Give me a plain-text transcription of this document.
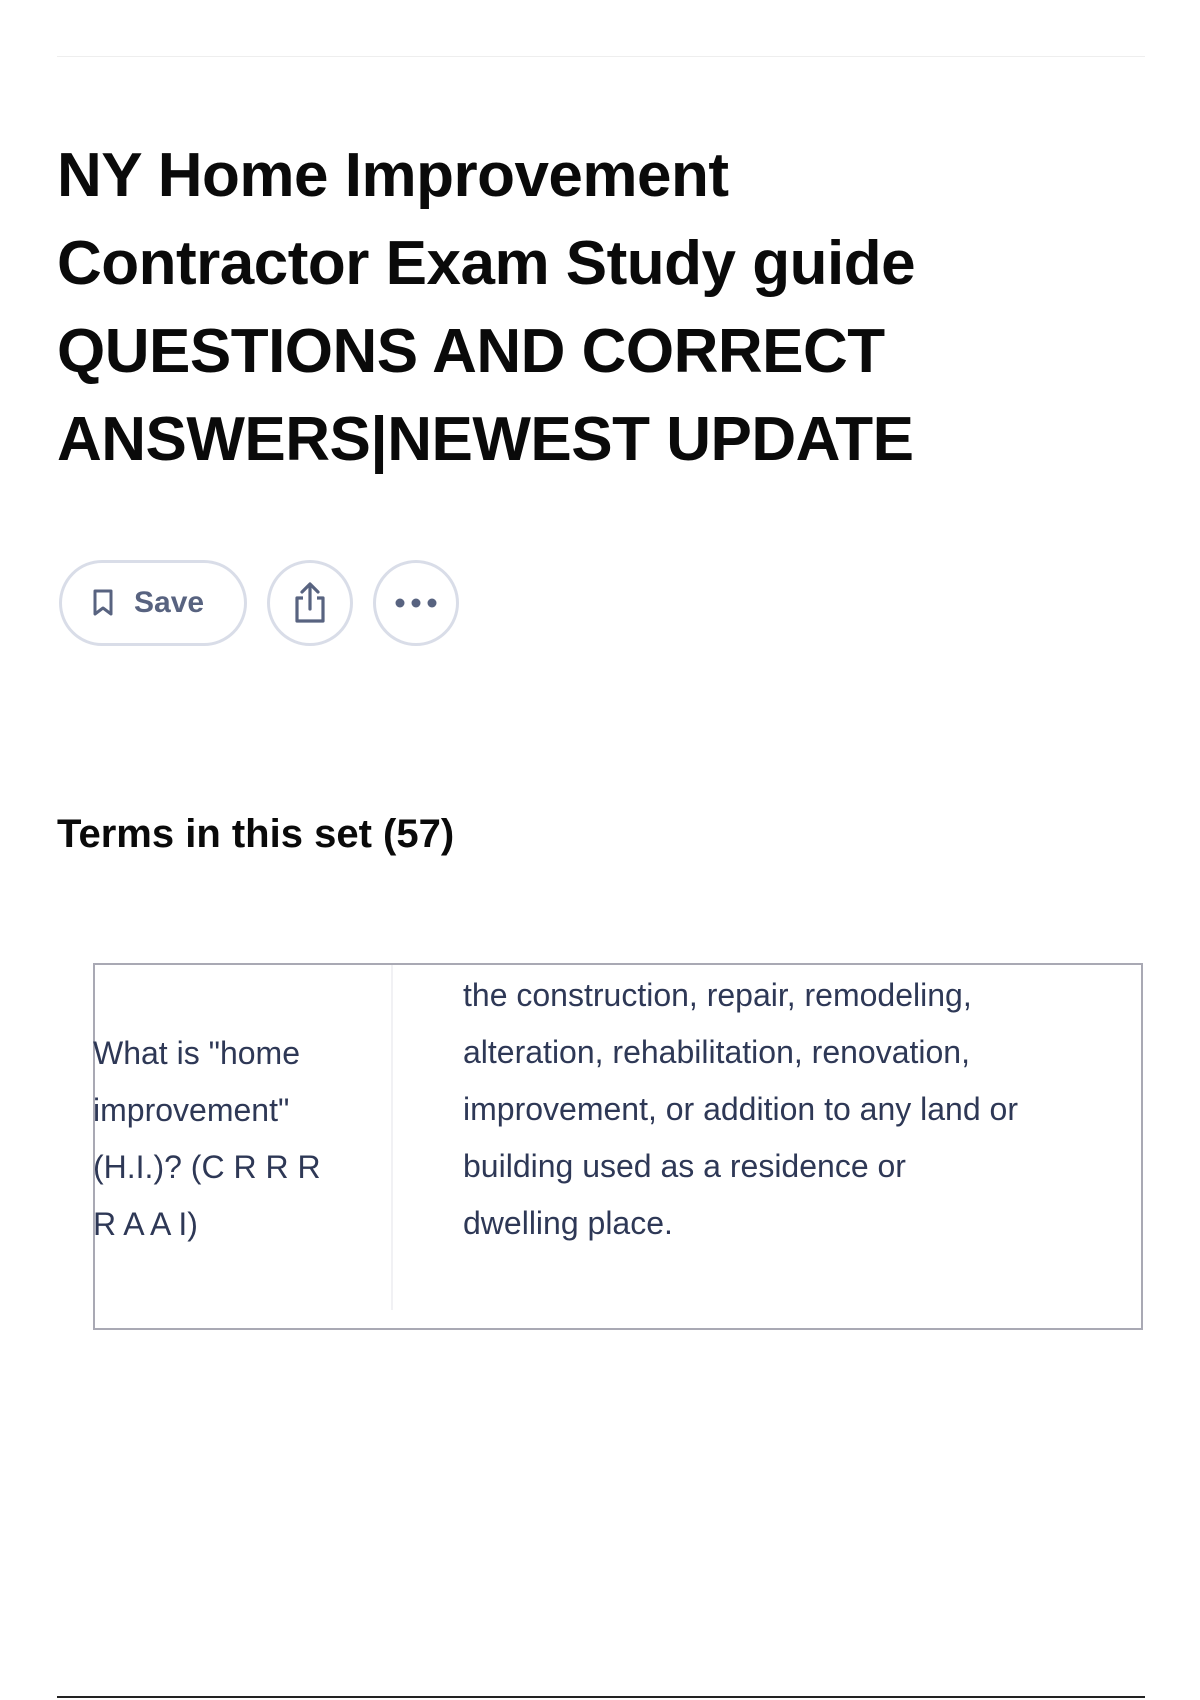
NY Home Improvement Contractor Exam Study guide QUESTIONS AND CORRECT ANSWERS|NEWEST UPDATE
Save
Terms in this set (57)
What is "home improvement" (H.I.)? (C R R R R A A I)
the construction, repair, remodeling, alteration, rehabilitation, renovation, improvement, or addition to any land or building used as a residence or dwelling place.
